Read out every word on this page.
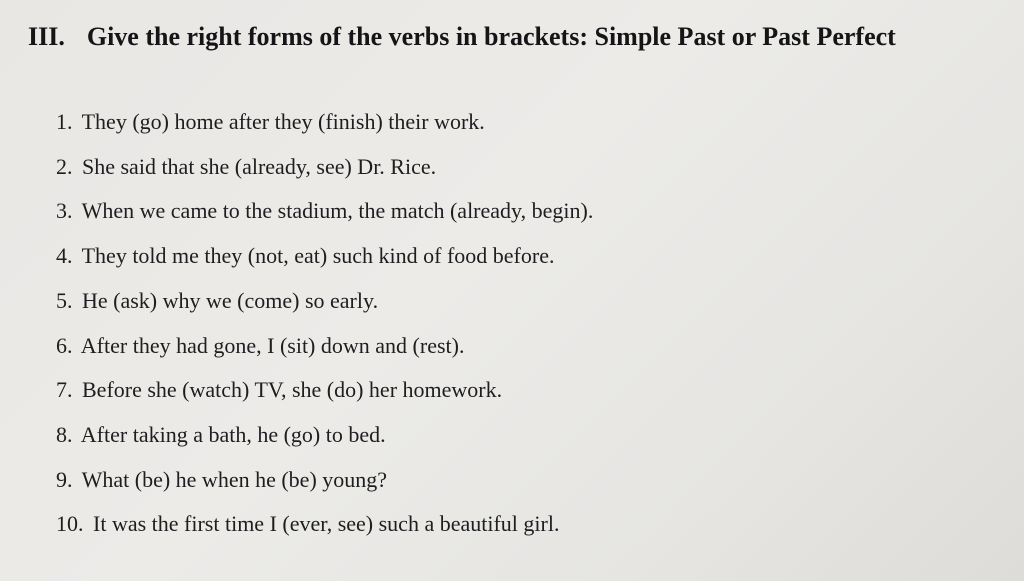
III. Give the right forms of the verbs in brackets: Simple Past or Past Perfect
1. They (go) home after they (finish) their work.
2. She said that she (already, see) Dr. Rice.
3. When we came to the stadium, the match (already, begin).
4. They told me they (not, eat) such kind of food before.
5. He (ask) why we (come) so early.
6. After they had gone, I (sit) down and (rest).
7. Before she (watch) TV, she (do) her homework.
8. After taking a bath, he (go) to bed.
9. What (be) he when he (be) young?
10. It was the first time I (ever, see) such a beautiful girl.
